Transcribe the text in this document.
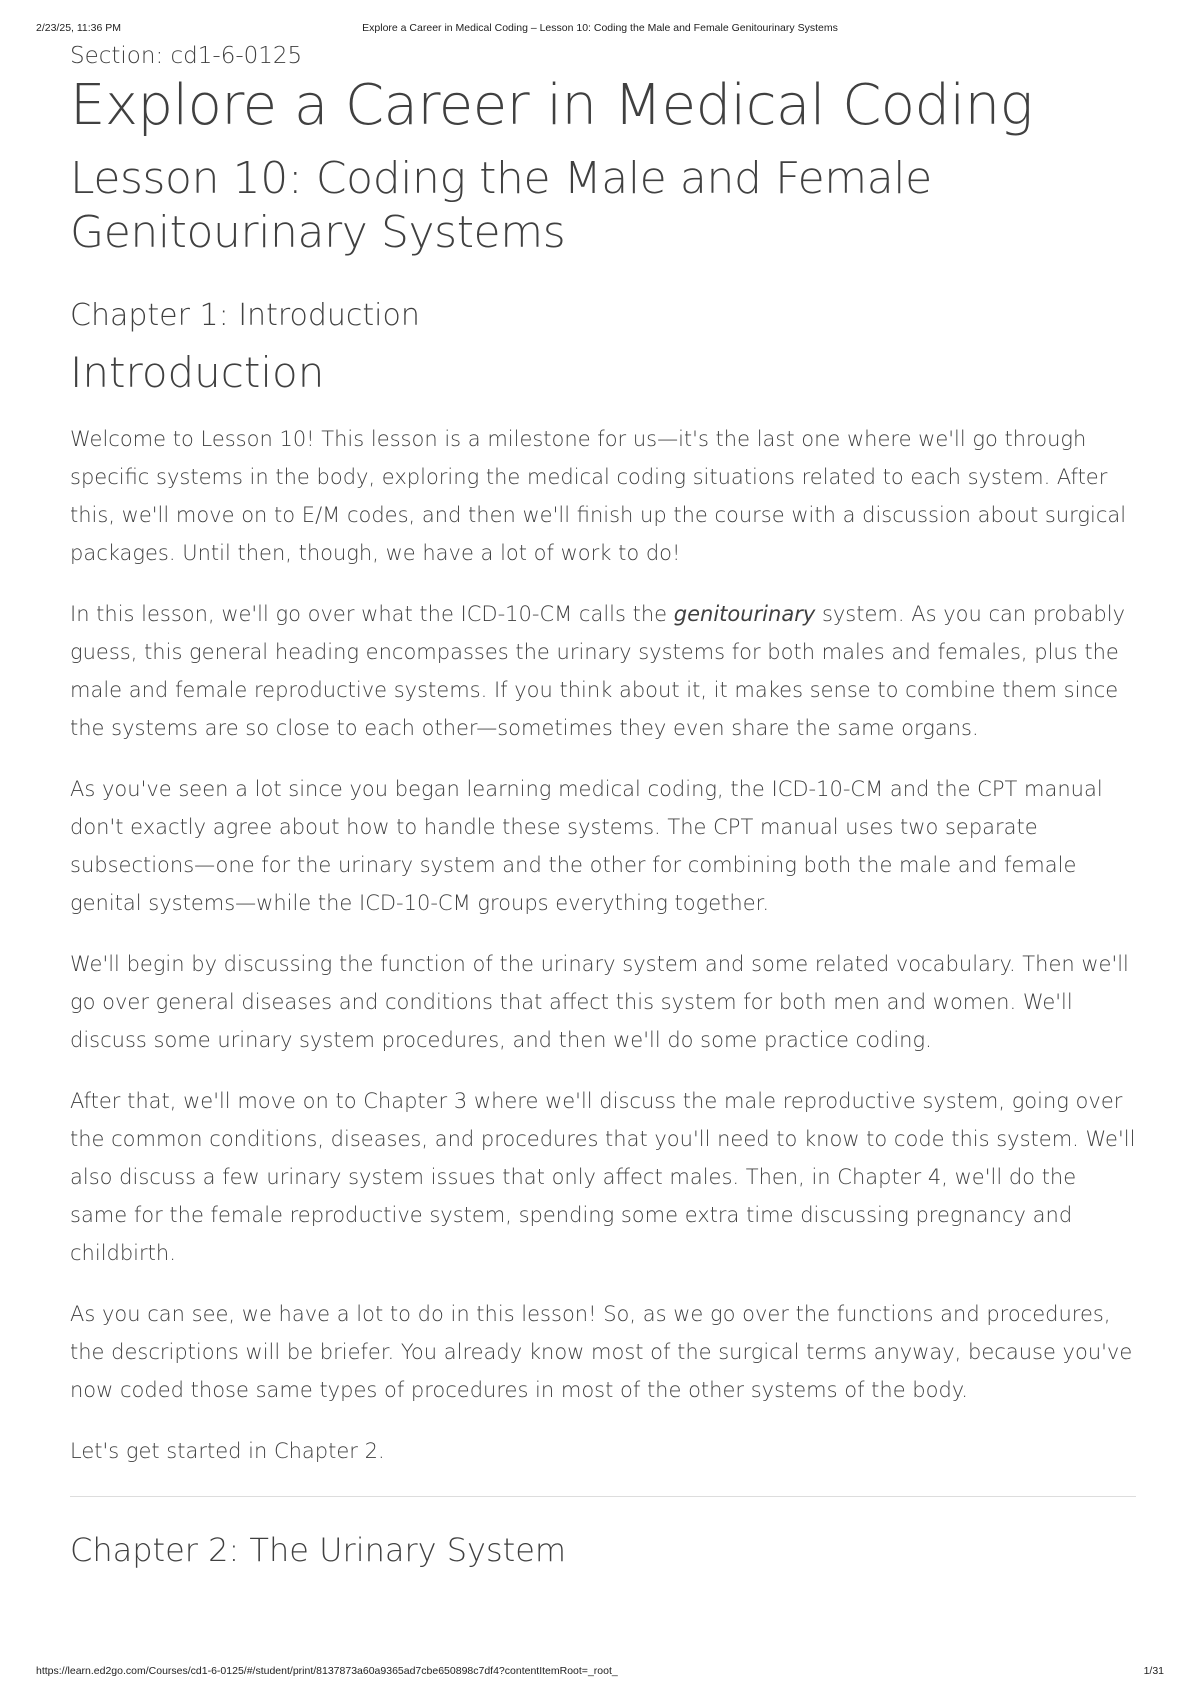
2/23/25, 11:36 PM	Explore a Career in Medical Coding – Lesson 10: Coding the Male and Female Genitourinary Systems
Section: cd1-6-0125
Explore a Career in Medical Coding
Lesson 10: Coding the Male and Female Genitourinary Systems
Chapter 1: Introduction
Introduction

Welcome to Lesson 10! This lesson is a milestone for us—it's the last one where we'll go through specific systems in the body, exploring the medical coding situations related to each system. After this, we'll move on to E/M codes, and then we'll finish up the course with a discussion about surgical packages. Until then, though, we have a lot of work to do!

In this lesson, we'll go over what the ICD-10-CM calls the genitourinary system. As you can probably guess, this general heading encompasses the urinary systems for both males and females, plus the male and female reproductive systems. If you think about it, it makes sense to combine them since the systems are so close to each other—sometimes they even share the same organs.

As you've seen a lot since you began learning medical coding, the ICD-10-CM and the CPT manual don't exactly agree about how to handle these systems. The CPT manual uses two separate subsections—one for the urinary system and the other for combining both the male and female genital systems—while the ICD-10-CM groups everything together.

We'll begin by discussing the function of the urinary system and some related vocabulary. Then we'll go over general diseases and conditions that affect this system for both men and women. We'll discuss some urinary system procedures, and then we'll do some practice coding.

After that, we'll move on to Chapter 3 where we'll discuss the male reproductive system, going over the common conditions, diseases, and procedures that you'll need to know to code this system. We'll also discuss a few urinary system issues that only affect males. Then, in Chapter 4, we'll do the same for the female reproductive system, spending some extra time discussing pregnancy and childbirth.

As you can see, we have a lot to do in this lesson! So, as we go over the functions and procedures, the descriptions will be briefer. You already know most of the surgical terms anyway, because you've now coded those same types of procedures in most of the other systems of the body.

Let's get started in Chapter 2.

Chapter 2: The Urinary System
https://learn.ed2go.com/Courses/cd1-6-0125/#/student/print/8137873a60a9365ad7cbe650898c7df4?contentItemRoot=_root_	1/31
